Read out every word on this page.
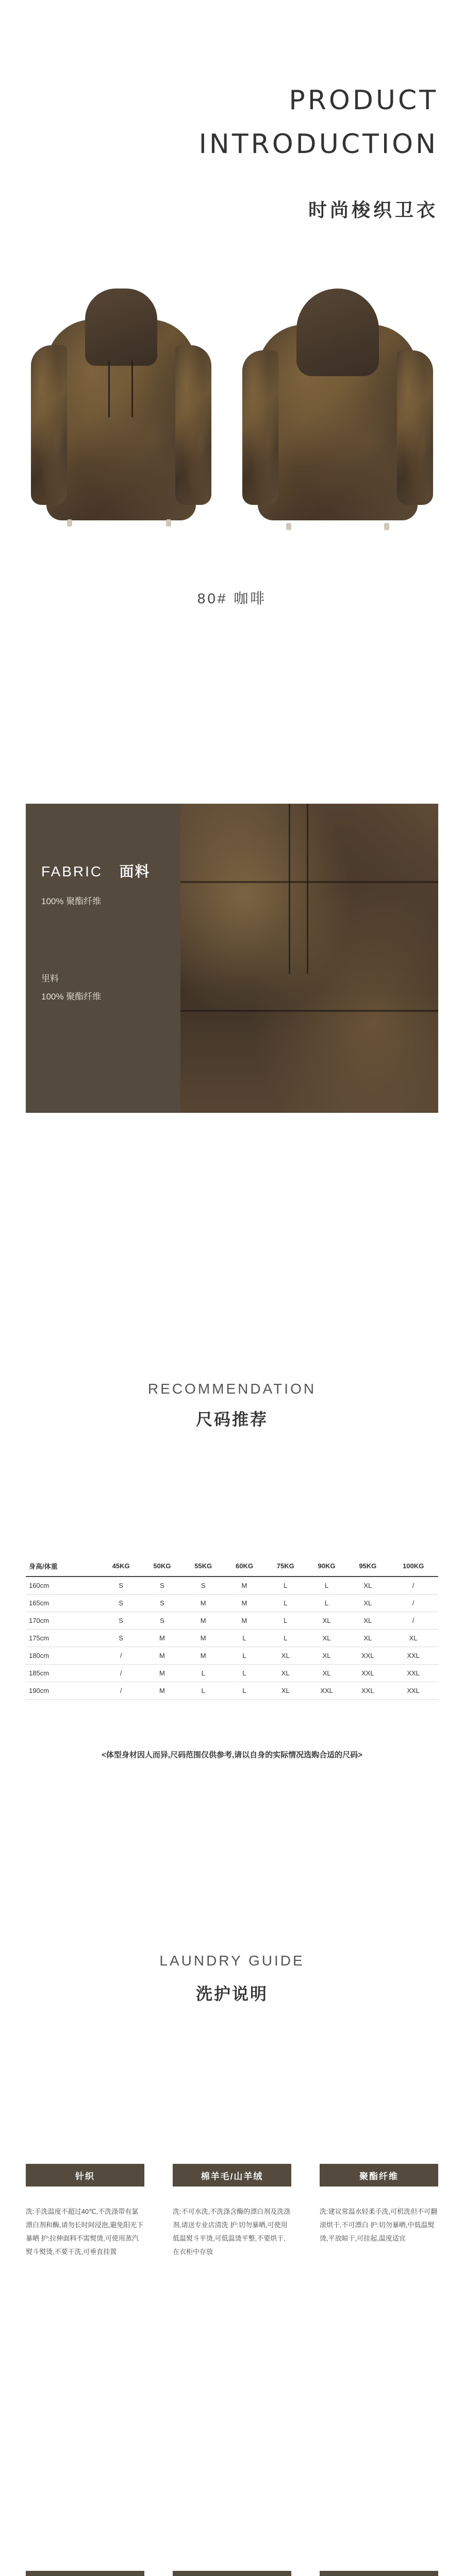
PRODUCT
INTRODUCTION
时尚梭织卫衣
80# 咖啡
FABRIC 面料
100% 聚酯纤维
里料
100% 聚酯纤维
RECOMMENDATION
尺码推荐
身高/体重	45KG	50KG	55KG	60KG	75KG	90KG	95KG	100KG
160cm	S	S	S	M	L	L	XL	/
165cm	S	S	M	M	L	L	XL	/
170cm	S	S	M	M	L	XL	XL	/
175cm	S	M	M	L	L	XL	XL	XL
180cm	/	M	M	L	XL	XL	XXL	XXL
185cm	/	M	L	L	XL	XL	XXL	XXL
190cm	/	M	L	L	XL	XXL	XXL	XXL
<体型身材因人而异,尺码范围仅供参考,请以自身的实际情况选购合适的尺码>
LAUNDRY GUIDE
洗护说明
针织
洗:手洗温度不超过40℃,不洗涤带有氯漂白剂和酶,请勿长时间浸泡,避免阳光下暴晒 护:拉伸面料不需熨烫,可使用蒸汽熨斗熨烫,不要干洗,可垂直挂置
棉羊毛/山羊绒
洗:不可水洗,不洗涤含酶的漂白剂及洗涤剂,请送专业店清洗 护:切勿暴晒,可使用低温熨斗平烫,可低温烫平整,不要烘干,在衣柜中存放
聚酯纤维
洗:建议常温水轻柔手洗,可机洗但不可翻滚烘干,不可漂白 护:切勿暴晒,中低温熨烫,平放晾干,可挂起,温度适宜
